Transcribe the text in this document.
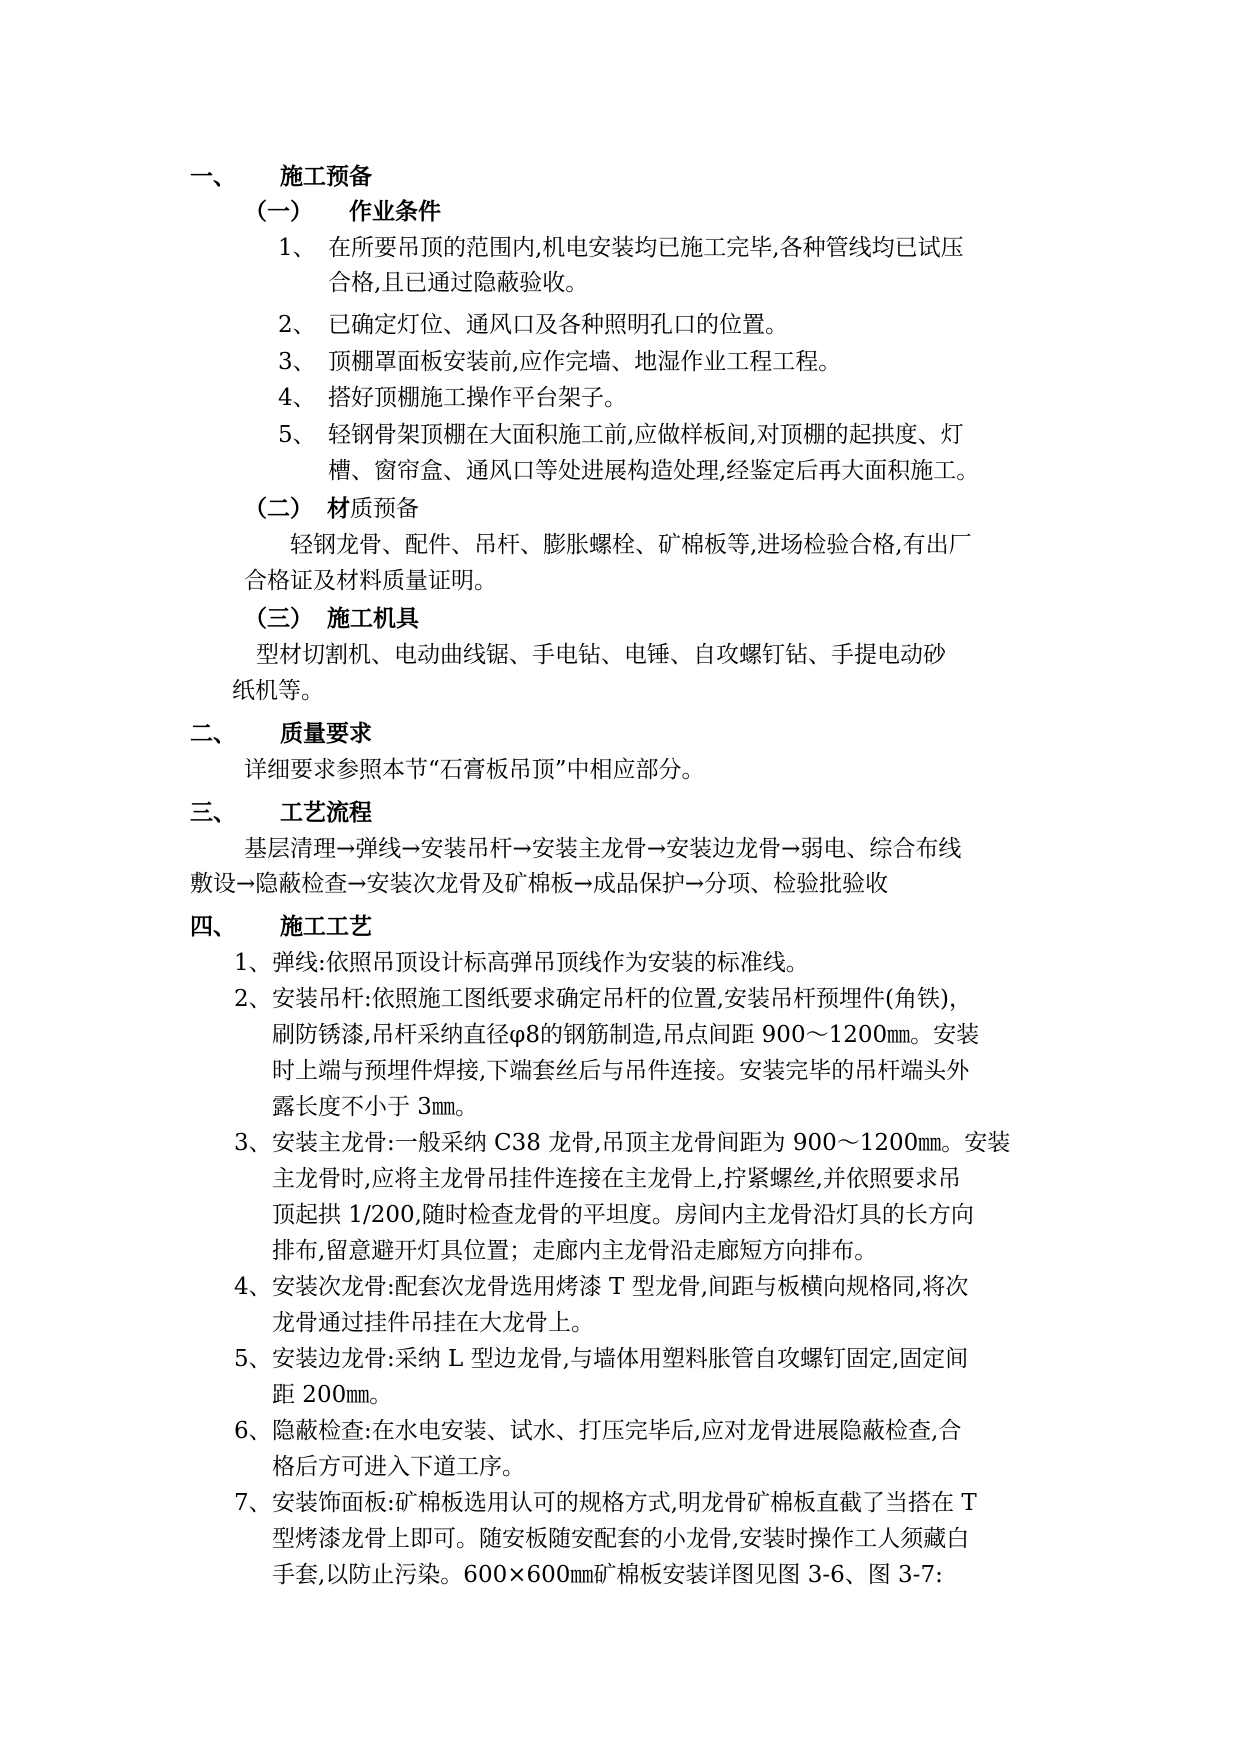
一、 施工预备
（一） 作业条件
1、 在所要吊顶的范围内,机电安装均已施工完毕,各种管线均已试压
合格,且已通过隐蔽验收。
2、 已确定灯位、通风口及各种照明孔口的位置。
3、 顶棚罩面板安装前,应作完墙、地湿作业工程工程。
4、 搭好顶棚施工操作平台架子。
5、 轻钢骨架顶棚在大面积施工前,应做样板间,对顶棚的起拱度、灯
槽、窗帘盒、通风口等处进展构造处理,经鉴定后再大面积施工。
（二） 材质预备
轻钢龙骨、配件、吊杆、膨胀螺栓、矿棉板等,进场检验合格,有出厂
合格证及材料质量证明。
（三） 施工机具
型材切割机、电动曲线锯、手电钻、电锤、自攻螺钉钻、手提电动砂
纸机等。
二、 质量要求
详细要求参照本节“石膏板吊顶”中相应部分。
三、 工艺流程
基层清理→弹线→安装吊杆→安装主龙骨→安装边龙骨→弱电、综合布线
敷设→隐蔽检查→安装次龙骨及矿棉板→成品保护→分项、检验批验收
四、 施工工艺
1、弹线:依照吊顶设计标高弹吊顶线作为安装的标准线。
2、安装吊杆:依照施工图纸要求确定吊杆的位置,安装吊杆预埋件(角铁)，
刷防锈漆,吊杆采纳直径φ8的钢筋制造,吊点间距 900～1200㎜。安装
时上端与预埋件焊接,下端套丝后与吊件连接。安装完毕的吊杆端头外
露长度不小于 3㎜。
3、安装主龙骨:一般采纳 C38 龙骨,吊顶主龙骨间距为 900～1200㎜。安装
主龙骨时,应将主龙骨吊挂件连接在主龙骨上,拧紧螺丝,并依照要求吊
顶起拱 1/200,随时检查龙骨的平坦度。房间内主龙骨沿灯具的长方向
排布,留意避开灯具位置；走廊内主龙骨沿走廊短方向排布。
4、安装次龙骨:配套次龙骨选用烤漆 T 型龙骨,间距与板横向规格同,将次
龙骨通过挂件吊挂在大龙骨上。
5、安装边龙骨:采纳 L 型边龙骨,与墙体用塑料胀管自攻螺钉固定,固定间
距 200㎜。
6、隐蔽检查:在水电安装、试水、打压完毕后,应对龙骨进展隐蔽检查,合
格后方可进入下道工序。
7、安装饰面板:矿棉板选用认可的规格方式,明龙骨矿棉板直截了当搭在 T
型烤漆龙骨上即可。随安板随安配套的小龙骨,安装时操作工人须藏白
手套,以防止污染。600×600㎜矿棉板安装详图见图 3-6、图 3-7:
